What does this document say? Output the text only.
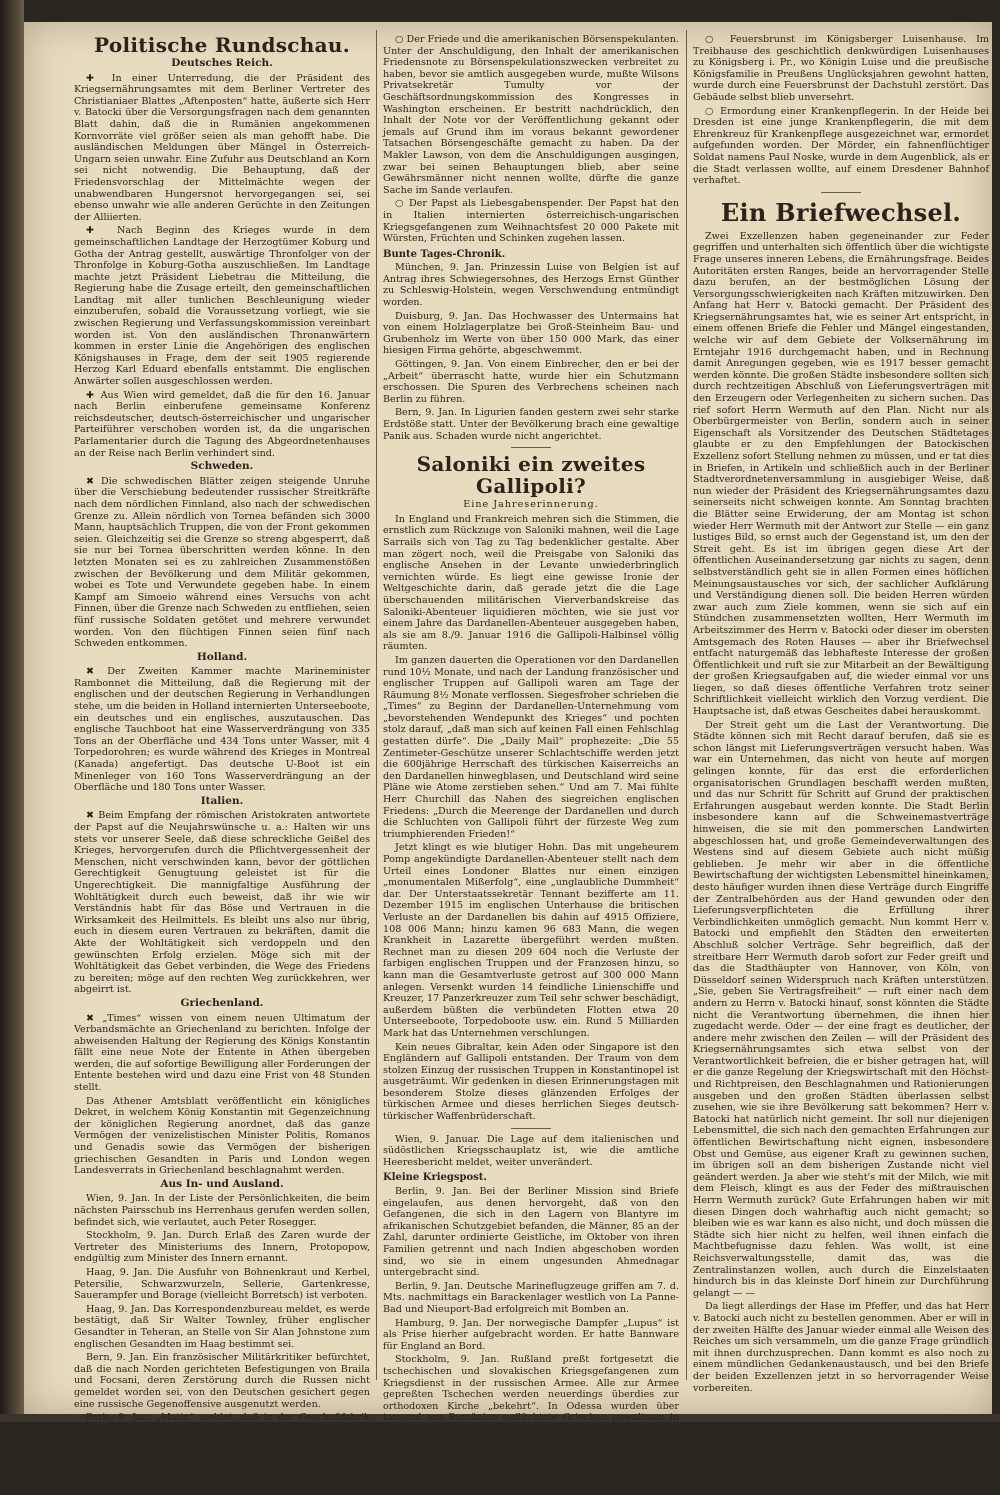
Politische Rundschau.
Deutsches Reich.

✚ In einer Unterredung, die der Präsident des Kriegsernährungsamtes mit dem Berliner Vertreter des Christianiaer Blattes „Aftenposten“ hatte, äußerte sich Herr v. Batocki über die Versorgungsfragen nach dem genannten Blatt dahin, daß die in Rumänien angekommenen Kornvorräte viel größer seien als man gehofft habe. Die ausländischen Meldungen über Mängel in Österreich-Ungarn seien unwahr. Eine Zufuhr aus Deutschland an Korn sei nicht notwendig. Die Behauptung, daß der Friedensvorschlag der Mittelmächte wegen der unabwendbaren Hungersnot hervorgegangen sei, sei ebenso unwahr wie alle anderen Gerüchte in den Zeitungen der Alliierten.

✚ Nach Beginn des Krieges wurde in dem gemeinschaftlichen Landtage der Herzogtümer Koburg und Gotha der Antrag gestellt, auswärtige Thronfolger von der Thronfolge in Koburg-Gotha auszuschließen. Im Landtage machte jetzt Präsident Liebetrau die Mitteilung, die Regierung habe die Zusage erteilt, den gemeinschaftlichen Landtag mit aller tunlichen Beschleunigung wieder einzuberufen, sobald die Voraussetzung vorliegt, wie sie zwischen Regierung und Verfassungskommission vereinbart worden ist. Von den ausländischen Thronanwärtern kommen in erster Linie die Angehörigen des englischen Königshauses in Frage, dem der seit 1905 regierende Herzog Karl Eduard ebenfalls entstammt. Die englischen Anwärter sollen ausgeschlossen werden.

✚ Aus Wien wird gemeldet, daß die für den 16. Januar nach Berlin einberufene gemeinsame Konferenz reichsdeutscher, deutsch-österreichischer und ungarischer Parteiführer verschoben worden ist, da die ungarischen Parlamentarier durch die Tagung des Abgeordnetenhauses an der Reise nach Berlin verhindert sind.

Schweden.

✖ Die schwedischen Blätter zeigen steigende Unruhe über die Verschiebung bedeutender russischer Streitkräfte nach dem nördlichen Finnland, also nach der schwedischen Grenze zu. Allein nördlich von Tornea befänden sich 3000 Mann, hauptsächlich Truppen, die von der Front gekommen seien. Gleichzeitig sei die Grenze so streng abgesperrt, daß sie nur bei Tornea überschritten werden könne. In den letzten Monaten sei es zu zahlreichen Zusammenstößen zwischen der Bevölkerung und dem Militär gekommen, wobei es Tote und Verwundete gegeben habe. In einem Kampf am Simoeio während eines Versuchs von acht Finnen, über die Grenze nach Schweden zu entfliehen, seien fünf russische Soldaten getötet und mehrere verwundet worden. Von den flüchtigen Finnen seien fünf nach Schweden entkommen.

Holland.

✖ Der Zweiten Kammer machte Marineminister Rambonnet die Mitteilung, daß die Regierung mit der englischen und der deutschen Regierung in Verhandlungen stehe, um die beiden in Holland internierten Unterseeboote, ein deutsches und ein englisches, auszutauschen. Das englische Tauchboot hat eine Wasserverdrängung von 335 Tons an der Oberfläche und 434 Tons unter Wasser, mit 4 Torpedorohren; es wurde während des Krieges in Montreal (Kanada) angefertigt. Das deutsche U-Boot ist ein Minenleger von 160 Tons Wasserverdrängung an der Oberfläche und 180 Tons unter Wasser.

Italien.

✖ Beim Empfang der römischen Aristokraten antwortete der Papst auf die Neujahrswünsche u. a.: Halten wir uns stets vor unserer Seele, daß diese schreckliche Geißel des Krieges, hervorgerufen durch die Pflichtvergessenheit der Menschen, nicht verschwinden kann, bevor der göttlichen Gerechtigkeit Genugtuung geleistet ist für die Ungerechtigkeit. Die mannigfaltige Ausführung der Wohltätigkeit durch euch beweist, daß ihr wie wir Verständnis habt für das Böse und Vertrauen in die Wirksamkeit des Heilmittels. Es bleibt uns also nur übrig, euch in diesem euren Vertrauen zu bekräften, damit die Akte der Wohltätigkeit sich verdoppeln und den gewünschten Erfolg erzielen. Möge sich mit der Wohltätigkeit das Gebet verbinden, die Wege des Friedens zu bereiten; möge auf den rechten Weg zurückkehren, wer abgeirrt ist.

Griechenland.

✖ „Times“ wissen von einem neuen Ultimatum der Verbandsmächte an Griechenland zu berichten. Infolge der abweisenden Haltung der Regierung des Königs Konstantin fällt eine neue Note der Entente in Athen übergeben werden, die auf sofortige Bewilligung aller Forderungen der Entente bestehen wird und dazu eine Frist von 48 Stunden stellt.

Das Athener Amtsblatt veröffentlicht ein königliches Dekret, in welchem König Konstantin mit Gegenzeichnung der königlichen Regierung anordnet, daß das ganze Vermögen der venizelistischen Minister Politis, Romanos und Genadis sowie das Vermögen der bisherigen griechischen Gesandten in Paris und London wegen Landesverrats in Griechenland beschlagnahmt werden.

Aus In- und Ausland.

Wien, 9. Jan. In der Liste der Persönlichkeiten, die beim nächsten Pairsschub ins Herrenhaus gerufen werden sollen, befindet sich, wie verlautet, auch Peter Rosegger.

Stockholm, 9. Jan. Durch Erlaß des Zaren wurde der Vertreter des Ministeriums des Innern, Protopopow, endgültig zum Minister des Innern ernannt.

Haag, 9. Jan. Die Ausfuhr von Bohnenkraut und Kerbel, Petersilie, Schwarzwurzeln, Sellerie, Gartenkresse, Sauerampfer und Borage (vielleicht Borretsch) ist verboten.

Haag, 9. Jan. Das Korrespondenzbureau meldet, es werde bestätigt, daß Sir Walter Townley, früher englischer Gesandter in Teheran, an Stelle von Sir Alan Johnstone zum englischen Gesandten im Haag bestimmt sei.

Bern, 9. Jan. Ein französischer Militärkritiker befürchtet, daß die nach Norden gerichteten Befestigungen von Braila und Focsani, deren Zerstörung durch die Russen nicht gemeldet worden sei, von den Deutschen gesichert gegen eine russische Gegenoffensive ausgenutzt werden.

Paris, 9. Jan. „Matin“ meldet, daß in der Geschoßfabrik von Jvry, die vorwiegend großkalibrige Geschosse herstellt und über 2500 Arbeiter und Arbeiterinnen beschäftigt, ein Streik ausbrach. Die Zahl der Streikenden, die zuerst 600 betrug, ist noch bedeutend gewachsen.

○ Der Friede und die amerikanischen Börsenspekulanten. Unter der Anschuldigung, den Inhalt der amerikanischen Friedensnote zu Börsenspekulationszwecken verbreitet zu haben, bevor sie amtlich ausgegeben wurde, mußte Wilsons Privatsekretär Tumulty vor der Geschäftsordnungskommission des Kongresses in Washington erscheinen. Er bestritt nachdrücklich, den Inhalt der Note vor der Veröffentlichung gekannt oder jemals auf Grund ihm im voraus bekannt gewordener Tatsachen Börsengeschäfte gemacht zu haben. Da der Makler Lawson, von dem die Anschuldigungen ausgingen, zwar bei seinen Behauptungen blieb, aber seine Gewährsmänner nicht nennen wollte, dürfte die ganze Sache im Sande verlaufen.

○ Der Papst als Liebesgabenspender. Der Papst hat den in Italien internierten österreichisch-ungarischen Kriegsgefangenen zum Weihnachtsfest 20 000 Pakete mit Würsten, Früchten und Schinken zugehen lassen.

Bunte Tages-Chronik.

München, 9. Jan. Prinzessin Luise von Belgien ist auf Antrag ihres Schwiegersohnes, des Herzogs Ernst Günther zu Schleswig-Holstein, wegen Verschwendung entmündigt worden.

Duisburg, 9. Jan. Das Hochwasser des Untermains hat von einem Holzlagerplatze bei Groß-Steinheim Bau- und Grubenholz im Werte von über 150 000 Mark, das einer hiesigen Firma gehörte, abgeschwemmt.

Göttingen, 9. Jan. Von einem Einbrecher, den er bei der „Arbeit“ überrascht hatte, wurde hier ein Schutzmann erschossen. Die Spuren des Verbrechens scheinen nach Berlin zu führen.

Bern, 9. Jan. In Ligurien fanden gestern zwei sehr starke Erdstöße statt. Unter der Bevölkerung brach eine gewaltige Panik aus. Schaden wurde nicht angerichtet.

Saloniki ein zweites Gallipoli?
Eine Jahreserinnerung.

In England und Frankreich mehren sich die Stimmen, die ernstlich zum Rückzuge von Saloniki mahnen, weil die Lage Sarrails sich von Tag zu Tag bedenklicher gestalte. Aber man zögert noch, weil die Preisgabe von Saloniki das englische Ansehen in der Levante unwiederbringlich vernichten würde. Es liegt eine gewisse Ironie der Weltgeschichte darin, daß gerade jetzt die die Lage überschauenden militärischen Vierverbandskreise das Saloniki-Abenteuer liquidieren möchten, wie sie just vor einem Jahre das Dardanellen-Abenteuer ausgegeben haben, als sie am 8./9. Januar 1916 die Gallipoli-Halbinsel völlig räumten.

Im ganzen dauerten die Operationen vor den Dardanellen rund 10½ Monate, und nach der Landung französischer und englischer Truppen auf Gallipoli waren am Tage der Räumung 8½ Monate verflossen. Siegesfroher schrieben die „Times“ zu Beginn der Dardanellen-Unternehmung vom „bevorstehenden Wendepunkt des Krieges“ und pochten stolz darauf, „daß man sich auf keinen Fall einen Fehlschlag gestatten dürfe“. Die „Daily Mail“ prophezeite: „Die 55 Zentimeter-Geschütze unserer Schlachtschiffe werden jetzt die 600jährige Herrschaft des türkischen Kaiserreichs an den Dardanellen hinwegblasen, und Deutschland wird seine Pläne wie Atome zerstieben sehen.“ Und am 7. Mai fühlte Herr Churchill das Nahen des siegreichen englischen Friedens: „Durch die Meerenge der Dardanellen und durch die Schluchten von Gallipoli führt der fürzeste Weg zum triumphierenden Frieden!“

Jetzt klingt es wie blutiger Hohn. Das mit ungeheurem Pomp angekündigte Dardanellen-Abenteuer stellt nach dem Urteil eines Londoner Blattes nur einen einzigen „monumentalen Mißerfolg“, eine „unglaubliche Dummheit“ dar. Der Unterstaatssekretär Tennant bezifferte am 11. Dezember 1915 im englischen Unterhause die britischen Verluste an der Dardanellen bis dahin auf 4915 Offiziere, 108 006 Mann; hinzu kamen 96 683 Mann, die wegen Krankheit in Lazarette übergeführt werden mußten. Rechnet man zu diesen 209 604 noch die Verluste der farbigen englischen Truppen und der Franzosen hinzu, so kann man die Gesamtverluste getrost auf 300 000 Mann anlegen. Versenkt wurden 14 feindliche Linienschiffe und Kreuzer, 17 Panzerkreuzer zum Teil sehr schwer beschädigt, außerdem büßten die verbündeten Flotten etwa 20 Unterseeboote, Torpedoboote usw. ein. Rund 5 Milliarden Mark hat das Unternehmen verschlungen.

Kein neues Gibraltar, kein Aden oder Singapore ist den Engländern auf Gallipoli entstanden. Der Traum von dem stolzen Einzug der russischen Truppen in Konstantinopel ist ausgeträumt. Wir gedenken in diesen Erinnerungstagen mit besonderem Stolze dieses glänzenden Erfolges der türkischen Armee und dieses herrlichen Sieges deutsch-türkischer Waffenbrüderschaft.

Wien, 9. Januar. Die Lage auf dem italienischen und südöstlichen Kriegsschauplatz ist, wie die amtliche Heeresbericht meldet, weiter unverändert.

Kleine Kriegspost.

Berlin, 9. Jan. Bei der Berliner Mission sind Briefe eingelaufen, aus denen hervorgeht, daß von den Gefangenen, die sich in den Lagern von Blantyre im afrikanischen Schutzgebiet befanden, die Männer, 85 an der Zahl, darunter ordinierte Geistliche, im Oktober von ihren Familien getrennt und nach Indien abgeschoben worden sind, wo sie in einem ungesunden Ahmednagar untergebracht sind.

Berlin, 9. Jan. Deutsche Marineflugzeuge griffen am 7. d. Mts. nachmittags ein Barackenlager westlich von La Panne-Bad und Nieuport-Bad erfolgreich mit Bomben an.

Hamburg, 9. Jan. Der norwegische Dampfer „Lupus“ ist als Prise hierher aufgebracht worden. Er hatte Bannware für England an Bord.

Stockholm, 9. Jan. Rußland preßt fortgesetzt die tschechischen und slovakischen Kriegsgefangenen zum Kriegsdienst in der russischen Armee. Alle zur Armee gepreßten Tschechen werden neuerdings überdies zur orthodoxen Kirche „bekehrt“. In Odessa wurden über tausend aus Rumänien geflüchtete Griechen gewaltsam in die russische Armee eingereiht.

Basel, 9. Jan. Der „Basler Anzeiger“ erfährt nachträglich von verläßlicher Seite, am 22. Dezember habe zwischen einem französischen Panzerkreuzer und einem italienischen Hilfskreuzer ein Nachtgefecht stattgefunden, wobei es zahlreiche Tote und Verwundete gegeben habe.

○ Feuersbrunst im Königsberger Luisenhause. Im Treibhause des geschichtlich denkwürdigen Luisenhauses zu Königsberg i. Pr., wo Königin Luise und die preußische Königsfamilie in Preußens Unglücksjahren gewohnt hatten, wurde durch eine Feuersbrunst der Dachstuhl zerstört. Das Gebäude selbst blieb unversehrt.

○ Ermordung einer Krankenpflegerin. In der Heide bei Dresden ist eine junge Krankenpflegerin, die mit dem Ehrenkreuz für Krankenpflege ausgezeichnet war, ermordet aufgefunden worden. Der Mörder, ein fahnenflüchtiger Soldat namens Paul Noske, wurde in dem Augenblick, als er die Stadt verlassen wollte, auf einem Dresdener Bahnhof verhaftet.

Ein Briefwechsel.

Zwei Exzellenzen haben gegeneinander zur Feder gegriffen und unterhalten sich öffentlich über die wichtigste Frage unseres inneren Lebens, die Ernährungsfrage. Beides Autoritäten ersten Ranges, beide an hervorragender Stelle dazu berufen, an der bestmöglichen Lösung der Versorgungsschwierigkeiten nach Kräften mitzuwirken. Den Anfang hat Herr v. Batocki gemacht. Der Präsident des Kriegsernährungsamtes hat, wie es seiner Art entspricht, in einem offenen Briefe die Fehler und Mängel eingestanden, welche wir auf dem Gebiete der Volksernährung im Erntejahr 1916 durchgemacht haben, und in Rechnung damit Anregungen gegeben, wie es 1917 besser gemacht werden könnte. Die großen Städte insbesondere sollten sich durch rechtzeitigen Abschluß von Lieferungsverträgen mit den Erzeugern oder Verlegenheiten zu sichern suchen. Das rief sofort Herrn Wermuth auf den Plan. Nicht nur als Oberbürgermeister von Berlin, sondern auch in seiner Eigenschaft als Vorsitzender des Deutschen Städtetages glaubte er zu den Empfehlungen der Batockischen Exzellenz sofort Stellung nehmen zu müssen, und er tat dies in Briefen, in Artikeln und schließlich auch in der Berliner Stadtverordnetenversammlung in ausgiebiger Weise, daß nun wieder der Präsident des Kriegsernährungsamtes dazu seinerseits nicht schweigen konnte. Am Sonntag brachten die Blätter seine Erwiderung, der am Montag ist schon wieder Herr Wermuth mit der Antwort zur Stelle — ein ganz lustiges Bild, so ernst auch der Gegenstand ist, um den der Streit geht. Es ist im übrigen gegen diese Art der öffentlichen Auseinandersetzung gar nichts zu sagen, denn selbstverständlich geht sie in allen Formen eines höflichen Meinungsaustausches vor sich, der sachlicher Aufklärung und Verständigung dienen soll. Die beiden Herren würden zwar auch zum Ziele kommen, wenn sie sich auf ein Stündchen zusammensetzten wollten, Herr Wermuth im Arbeitszimmer des Herrn v. Batocki oder dieser im obersten Amtsgemach des Roten Hauses — aber ihr Briefwechsel entfacht naturgemäß das lebhafteste Interesse der großen Öffentlichkeit und ruft sie zur Mitarbeit an der Bewältigung der großen Kriegsaufgaben auf, die wieder einmal vor uns liegen, so daß dieses öffentliche Verfahren trotz seiner Schriftlichkeit vielleicht wirklich den Vorzug verdient. Die Hauptsache ist, daß etwas Gescheites dabei herauskommt.

Der Streit geht um die Last der Verantwortung. Die Städte können sich mit Recht darauf berufen, daß sie es schon längst mit Lieferungsverträgen versucht haben. Was war ein Unternehmen, das nicht von heute auf morgen gelingen konnte, für das erst die erforderlichen organisatorischen Grundlagen beschafft werden mußten, und das nur Schritt für Schritt auf Grund der praktischen Erfahrungen ausgebaut werden konnte. Die Stadt Berlin insbesondere kann auf die Schweinemastverträge hinweisen, die sie mit den pommerschen Landwirten abgeschlossen hat, und große Gemeindeverwaltungen des Westens sind auf diesem Gebiete auch nicht müßig geblieben. Je mehr wir aber in die öffentliche Bewirtschaftung der wichtigsten Lebensmittel hineinkamen, desto häufiger wurden ihnen diese Verträge durch Eingriffe der Zentralbehörden aus der Hand gewunden oder den Lieferungsverpflichteten die Erfüllung ihrer Verbindlichkeiten unmöglich gemacht. Nun kommt Herr v. Batocki und empfiehlt den Städten den erweiterten Abschluß solcher Verträge. Sehr begreiflich, daß der streitbare Herr Wermuth darob sofort zur Feder greift und das die Stadthäupter von Hannover, von Köln, von Düsseldorf seinen Widerspruch nach Kräften unterstützen. „Sie, geben Sie Vertragsfreiheit“ — ruft einer nach dem andern zu Herrn v. Batocki hinauf, sonst könnten die Städte nicht die Verantwortung übernehmen, die ihnen hier zugedacht werde. Oder — der eine fragt es deutlicher, der andere mehr zwischen den Zeilen — will der Präsident des Kriegsernährungsamtes sich etwa selbst von der Verantwortlichkeit befreien, die er bisher getragen hat, will er die ganze Regelung der Kriegswirtschaft mit den Höchst- und Richtpreisen, den Beschlagnahmen und Rationierungen ausgeben und den großen Städten überlassen selbst zusehen, wie sie ihre Bevölkerung satt bekommen? Herr v. Batocki hat natürlich nicht gemeint. Ihr soll nur diejenigen Lebensmittel, die sich nach den gemachten Erfahrungen zur öffentlichen Bewirtschaftung nicht eignen, insbesondere Obst und Gemüse, aus eigener Kraft zu gewinnen suchen, im übrigen soll an dem bisherigen Zustande nicht viel geändert werden. Ja aber wie steht's mit der Milch, wie mit dem Fleisch, klingt es aus der Feder des mißtrauischen Herrn Wermuth zurück? Gute Erfahrungen haben wir mit diesen Dingen doch wahrhaftig auch nicht gemacht; so bleiben wie es war kann es also nicht, und doch müssen die Städte sich hier nicht zu helfen, weil ihnen einfach die Machtbefugnisse dazu fehlen. Was wollt, ist eine Reichsverwaltungsstelle, damit das, was die Zentralinstanzen wollen, auch durch die Einzelstaaten hindurch bis in das kleinste Dorf hinein zur Durchführung gelangt — —

Da liegt allerdings der Hase im Pfeffer, und das hat Herr v. Batocki auch nicht zu bestellen genommen. Aber er will in der zweiten Hälfte des Januar wieder einmal alle Weisen des Reiches um sich versammeln, um die ganze Frage gründlich mit ihnen durchzusprechen. Dann kommt es also noch zu einem mündlichen Gedankenaustausch, und bei den Briefe der beiden Exzellenzen jetzt in so hervorragender Weise vorbereiten.
